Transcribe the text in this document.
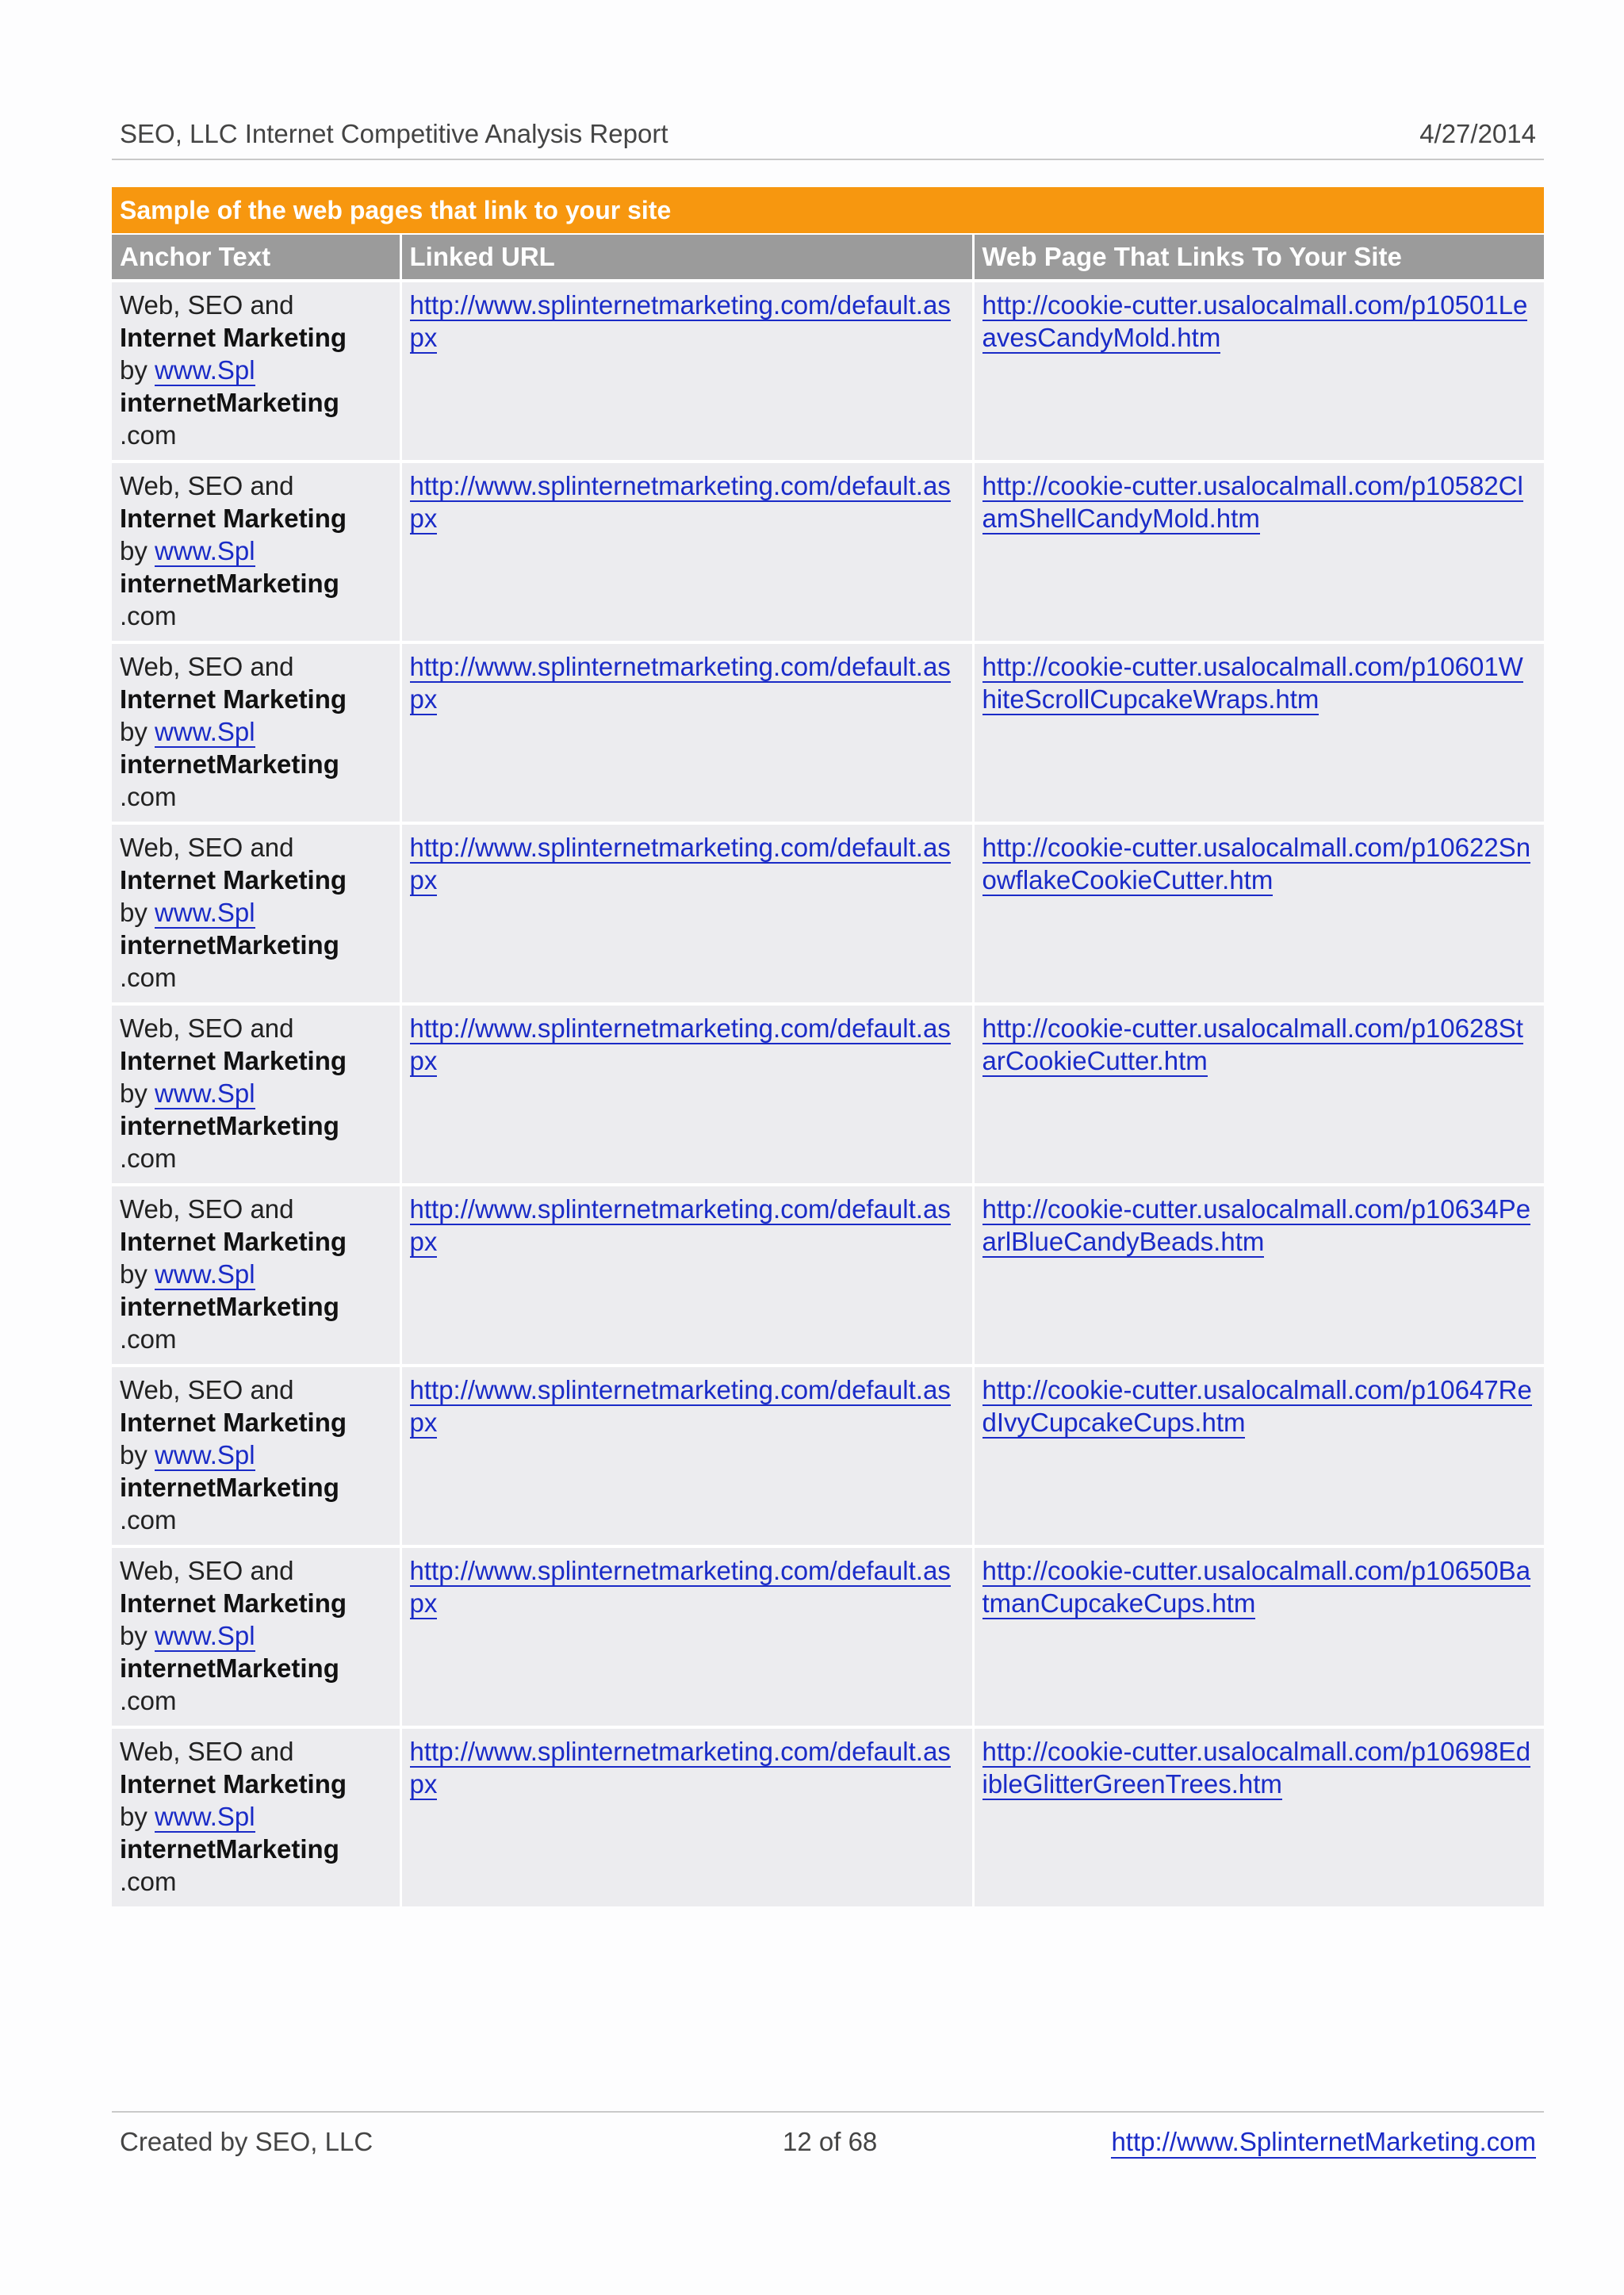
SEO, LLC Internet Competitive Analysis Report	4/27/2014
Sample of the web pages that link to your site		
Anchor Text	Linked URL	Web Page That Links To Your Site

Web, SEO and
Internet Marketing
by www.Spl
internetMarketing
.com	http://www.splinternetmarketing.com/default.aspx	http://cookie-cutter.usalocalmall.com/p10501LeavesCandyMold.htm

Web, SEO and
Internet Marketing
by www.Spl
internetMarketing
.com	http://www.splinternetmarketing.com/default.aspx	http://cookie-cutter.usalocalmall.com/p10582ClamShellCandyMold.htm

Web, SEO and
Internet Marketing
by www.Spl
internetMarketing
.com	http://www.splinternetmarketing.com/default.aspx	http://cookie-cutter.usalocalmall.com/p10601WhiteScrollCupcakeWraps.htm

Web, SEO and
Internet Marketing
by www.Spl
internetMarketing
.com	http://www.splinternetmarketing.com/default.aspx	http://cookie-cutter.usalocalmall.com/p10622SnowflakeCookieCutter.htm

Web, SEO and
Internet Marketing
by www.Spl
internetMarketing
.com	http://www.splinternetmarketing.com/default.aspx	http://cookie-cutter.usalocalmall.com/p10628StarCookieCutter.htm

Web, SEO and
Internet Marketing
by www.Spl
internetMarketing
.com	http://www.splinternetmarketing.com/default.aspx	http://cookie-cutter.usalocalmall.com/p10634PearlBlueCandyBeads.htm

Web, SEO and
Internet Marketing
by www.Spl
internetMarketing
.com	http://www.splinternetmarketing.com/default.aspx	http://cookie-cutter.usalocalmall.com/p10647RedIvyCupcakeCups.htm

Web, SEO and
Internet Marketing
by www.Spl
internetMarketing
.com	http://www.splinternetmarketing.com/default.aspx	http://cookie-cutter.usalocalmall.com/p10650BatmanCupcakeCups.htm

Web, SEO and
Internet Marketing
by www.Spl
internetMarketing
.com	http://www.splinternetmarketing.com/default.aspx	http://cookie-cutter.usalocalmall.com/p10698EdibleGlitterGreenTrees.htm
Created by SEO, LLC	12 of 68	http://www.SplinternetMarketing.com
